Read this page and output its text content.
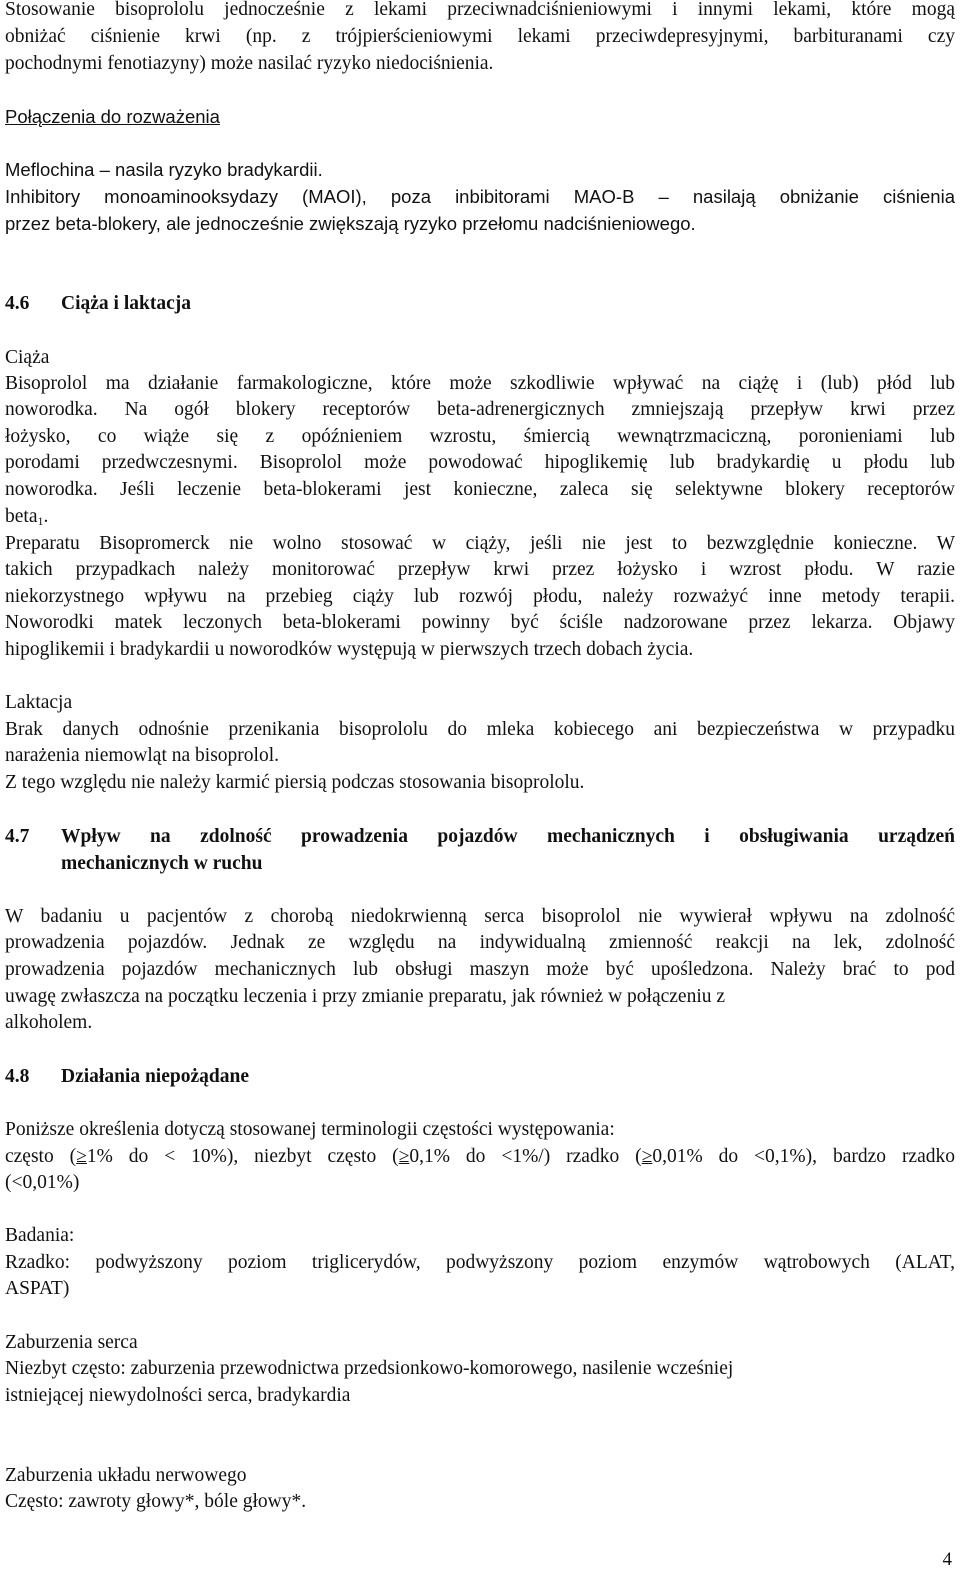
Stosowanie bisoprololu jednocześnie z lekami przeciwnadciśnieniowymi i innymi lekami, które mogą
obniżać ciśnienie krwi (np. z trójpierścieniowymi lekami przeciwdepresyjnymi, barbituranami czy
pochodnymi fenotiazyny) może nasilać ryzyko niedociśnienia.
Połączenia do rozważenia
Meflochina – nasila ryzyko bradykardii.
Inhibitory monoaminooksydazy (MAOI), poza inbibitorami MAO-B – nasilają obniżanie ciśnienia
przez beta-blokery, ale jednocześnie zwiększają ryzyko przełomu nadciśnieniowego.
4.6 Ciąża i laktacja
Ciąża
Bisoprolol ma działanie farmakologiczne, które może szkodliwie wpływać na ciążę i (lub) płód lub
noworodka. Na ogół blokery receptorów beta-adrenergicznych zmniejszają przepływ krwi przez
łożysko, co wiąże się z opóźnieniem wzrostu, śmiercią wewnątrzmaciczną, poronieniami lub
porodami przedwczesnymi. Bisoprolol może powodować hipoglikemię lub bradykardię u płodu lub
noworodka. Jeśli leczenie beta-blokerami jest konieczne, zaleca się selektywne blokery receptorów
beta$_1$.
Preparatu Bisopromerck nie wolno stosować w ciąży, jeśli nie jest to bezwzględnie konieczne. W
takich przypadkach należy monitorować przepływ krwi przez łożysko i wzrost płodu. W razie
niekorzystnego wpływu na przebieg ciąży lub rozwój płodu, należy rozważyć inne metody terapii.
Noworodki matek leczonych beta-blokerami powinny być ściśle nadzorowane przez lekarza. Objawy
hipoglikemii i bradykardii u noworodków występują w pierwszych trzech dobach życia.
Laktacja
Brak danych odnośnie przenikania bisoprololu do mleka kobiecego ani bezpieczeństwa w przypadku
narażenia niemowląt na bisoprolol.
Z tego względu nie należy karmić piersią podczas stosowania bisoprololu.
4.7 Wpływ na zdolność prowadzenia pojazdów mechanicznych i obsługiwania urządzeń
mechanicznych w ruchu
W badaniu u pacjentów z chorobą niedokrwienną serca bisoprolol nie wywierał wpływu na zdolność
prowadzenia pojazdów. Jednak ze względu na indywidualną zmienność reakcji na lek, zdolność
prowadzenia pojazdów mechanicznych lub obsługi maszyn może być upośledzona. Należy brać to pod
uwagę zwłaszcza na początku leczenia i przy zmianie preparatu, jak również w połączeniu z
alkoholem.
4.8 Działania niepożądane
Poniższe określenia dotyczą stosowanej terminologii częstości występowania:
często (≥1% do < 10%), niezbyt często (≥0,1% do <1%/) rzadko (≥0,01% do <0,1%), bardzo rzadko
(<0,01%)
Badania:
Rzadko: podwyższony poziom triglicerydów, podwyższony poziom enzymów wątrobowych (ALAT,
ASPAT)
Zaburzenia serca
Niezbyt często: zaburzenia przewodnictwa przedsionkowo-komorowego, nasilenie wcześniej
istniejącej niewydolności serca, bradykardia
Zaburzenia układu nerwowego
Często: zawroty głowy*, bóle głowy*.
4
